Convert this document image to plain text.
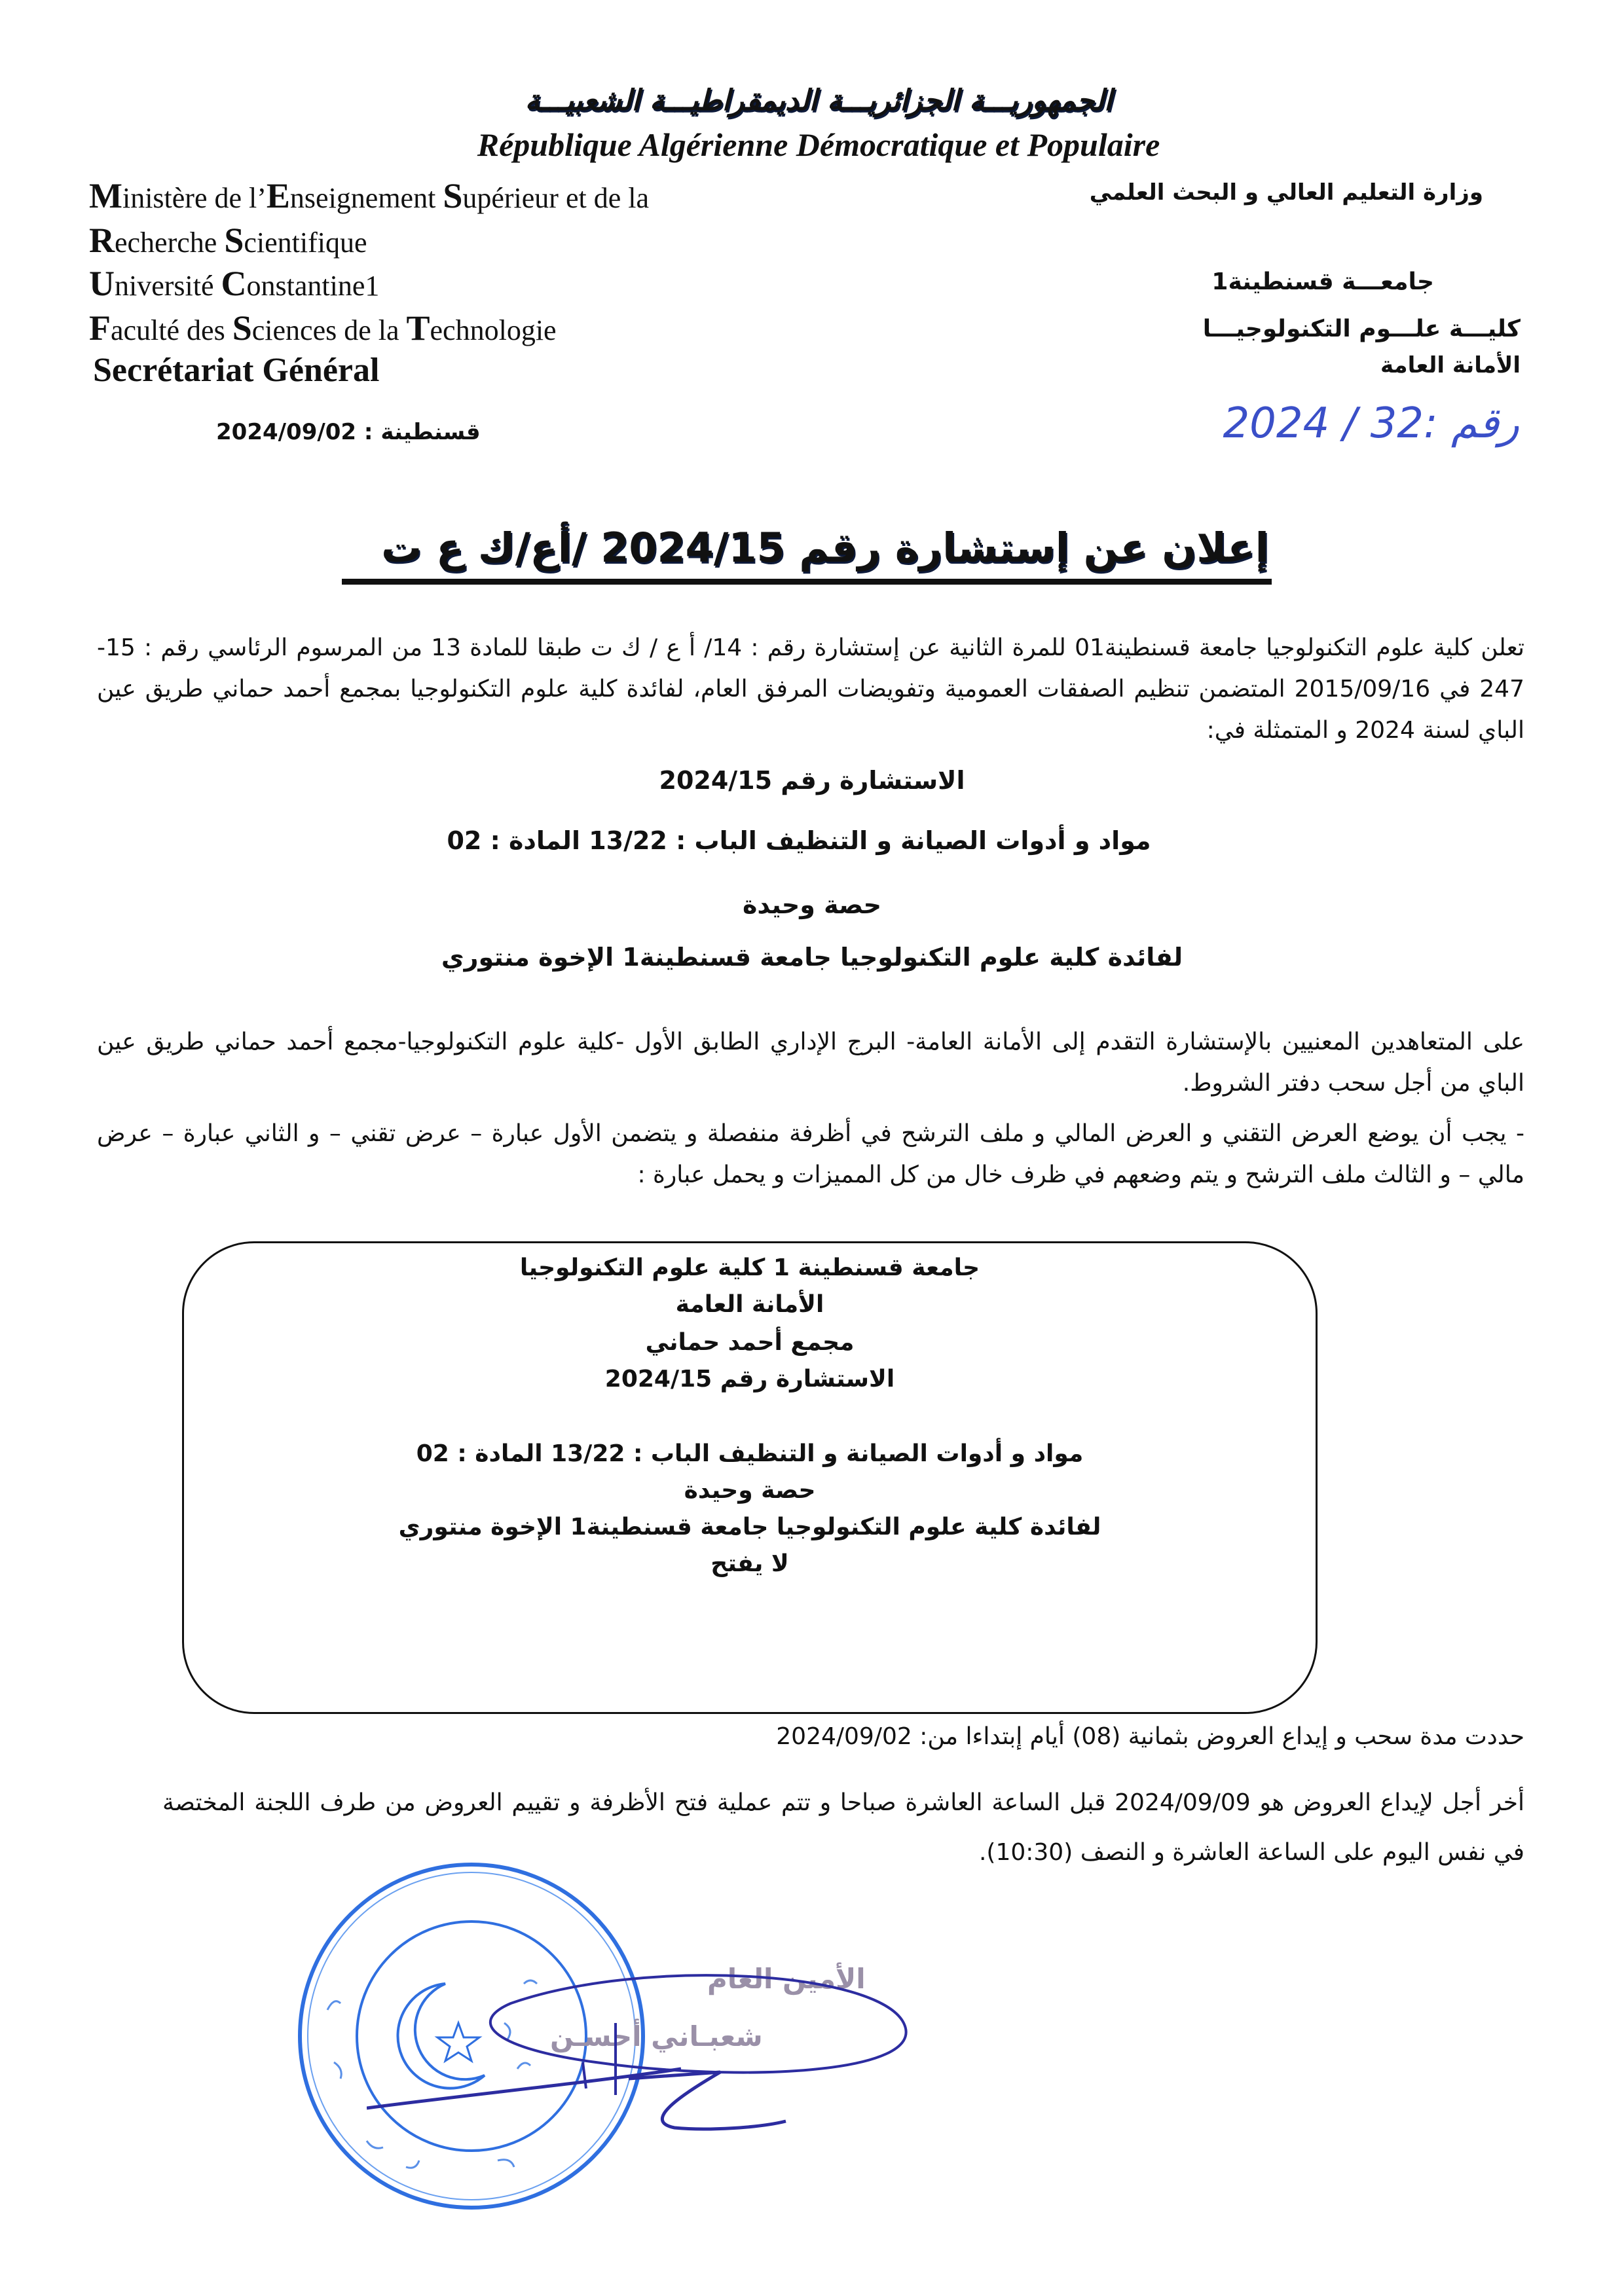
الجمهوريـــة الجزائريـــة الديمقراطيـــة الشعبيـــة
République Algérienne Démocratique et Populaire
Ministère de l’Enseignement Supérieur et de la
Recherche Scientifique
Université Constantine1
Faculté des Sciences de la Technologie
Secrétariat Général
قسنطينة : 2024/09/02
وزارة التعليم العالي و البحث العلمي
جامعـــة قسنطينة1
كليـــة علـــوم التكنولوجيـــا
الأمانة العامة
2024 / 32: رقم
إعلان عن إستشارة رقم 2024/15 /أ‌ع/ك ع ت
تعلن كلية علوم التكنولوجيا جامعة قسنطينة01 للمرة الثانية عن إستشارة رقم : 14/ أ ع / ك ت طبقا للمادة 13 من المرسوم الرئاسي رقم : 15-247 في 2015/09/16 المتضمن تنظيم الصفقات العمومية وتفويضات المرفق العام، لفائدة كلية علوم التكنولوجيا بمجمع أحمد حماني طريق عين الباي لسنة 2024 و المتمثلة في:
الاستشارة رقم 2024/15
مواد و أدوات الصيانة و التنظيف الباب : 13/22 المادة : 02
حصة وحيدة
لفائدة كلية علوم التكنولوجيا جامعة قسنطينة1 الإخوة منتوري
على المتعاهدين المعنيين بالإستشارة التقدم إلى الأمانة العامة- البرج الإداري الطابق الأول -كلية علوم التكنولوجيا-مجمع أحمد حماني طريق عين الباي من أجل سحب دفتر الشروط.
- يجب أن يوضع العرض التقني و العرض المالي و ملف الترشح في أظرفة منفصلة و يتضمن الأول عبارة – عرض تقني – و الثاني عبارة – عرض مالي – و الثالث ملف الترشح و يتم وضعهم في ظرف خال من كل المميزات و يحمل عبارة :
جامعة قسنطينة 1 كلية علوم التكنولوجيا
الأمانة العامة
مجمع أحمد حماني
الاستشارة رقم 2024/15
مواد و أدوات الصيانة و التنظيف الباب : 13/22 المادة : 02
حصة وحيدة
لفائدة كلية علوم التكنولوجيا جامعة قسنطينة1 الإخوة منتوري
لا يفتح
حددت مدة سحب و إيداع العروض بثمانية (08) أيام إبتداءا من: 2024/09/02
أخر أجل لإيداع العروض هو 2024/09/09 قبل الساعة العاشرة صباحا و تتم عملية فتح الأظرفة و تقييم العروض من طرف اللجنة المختصة في نفس اليوم على الساعة العاشرة و النصف (10:30).
الأمين العام
شعبـاني أحسـن
